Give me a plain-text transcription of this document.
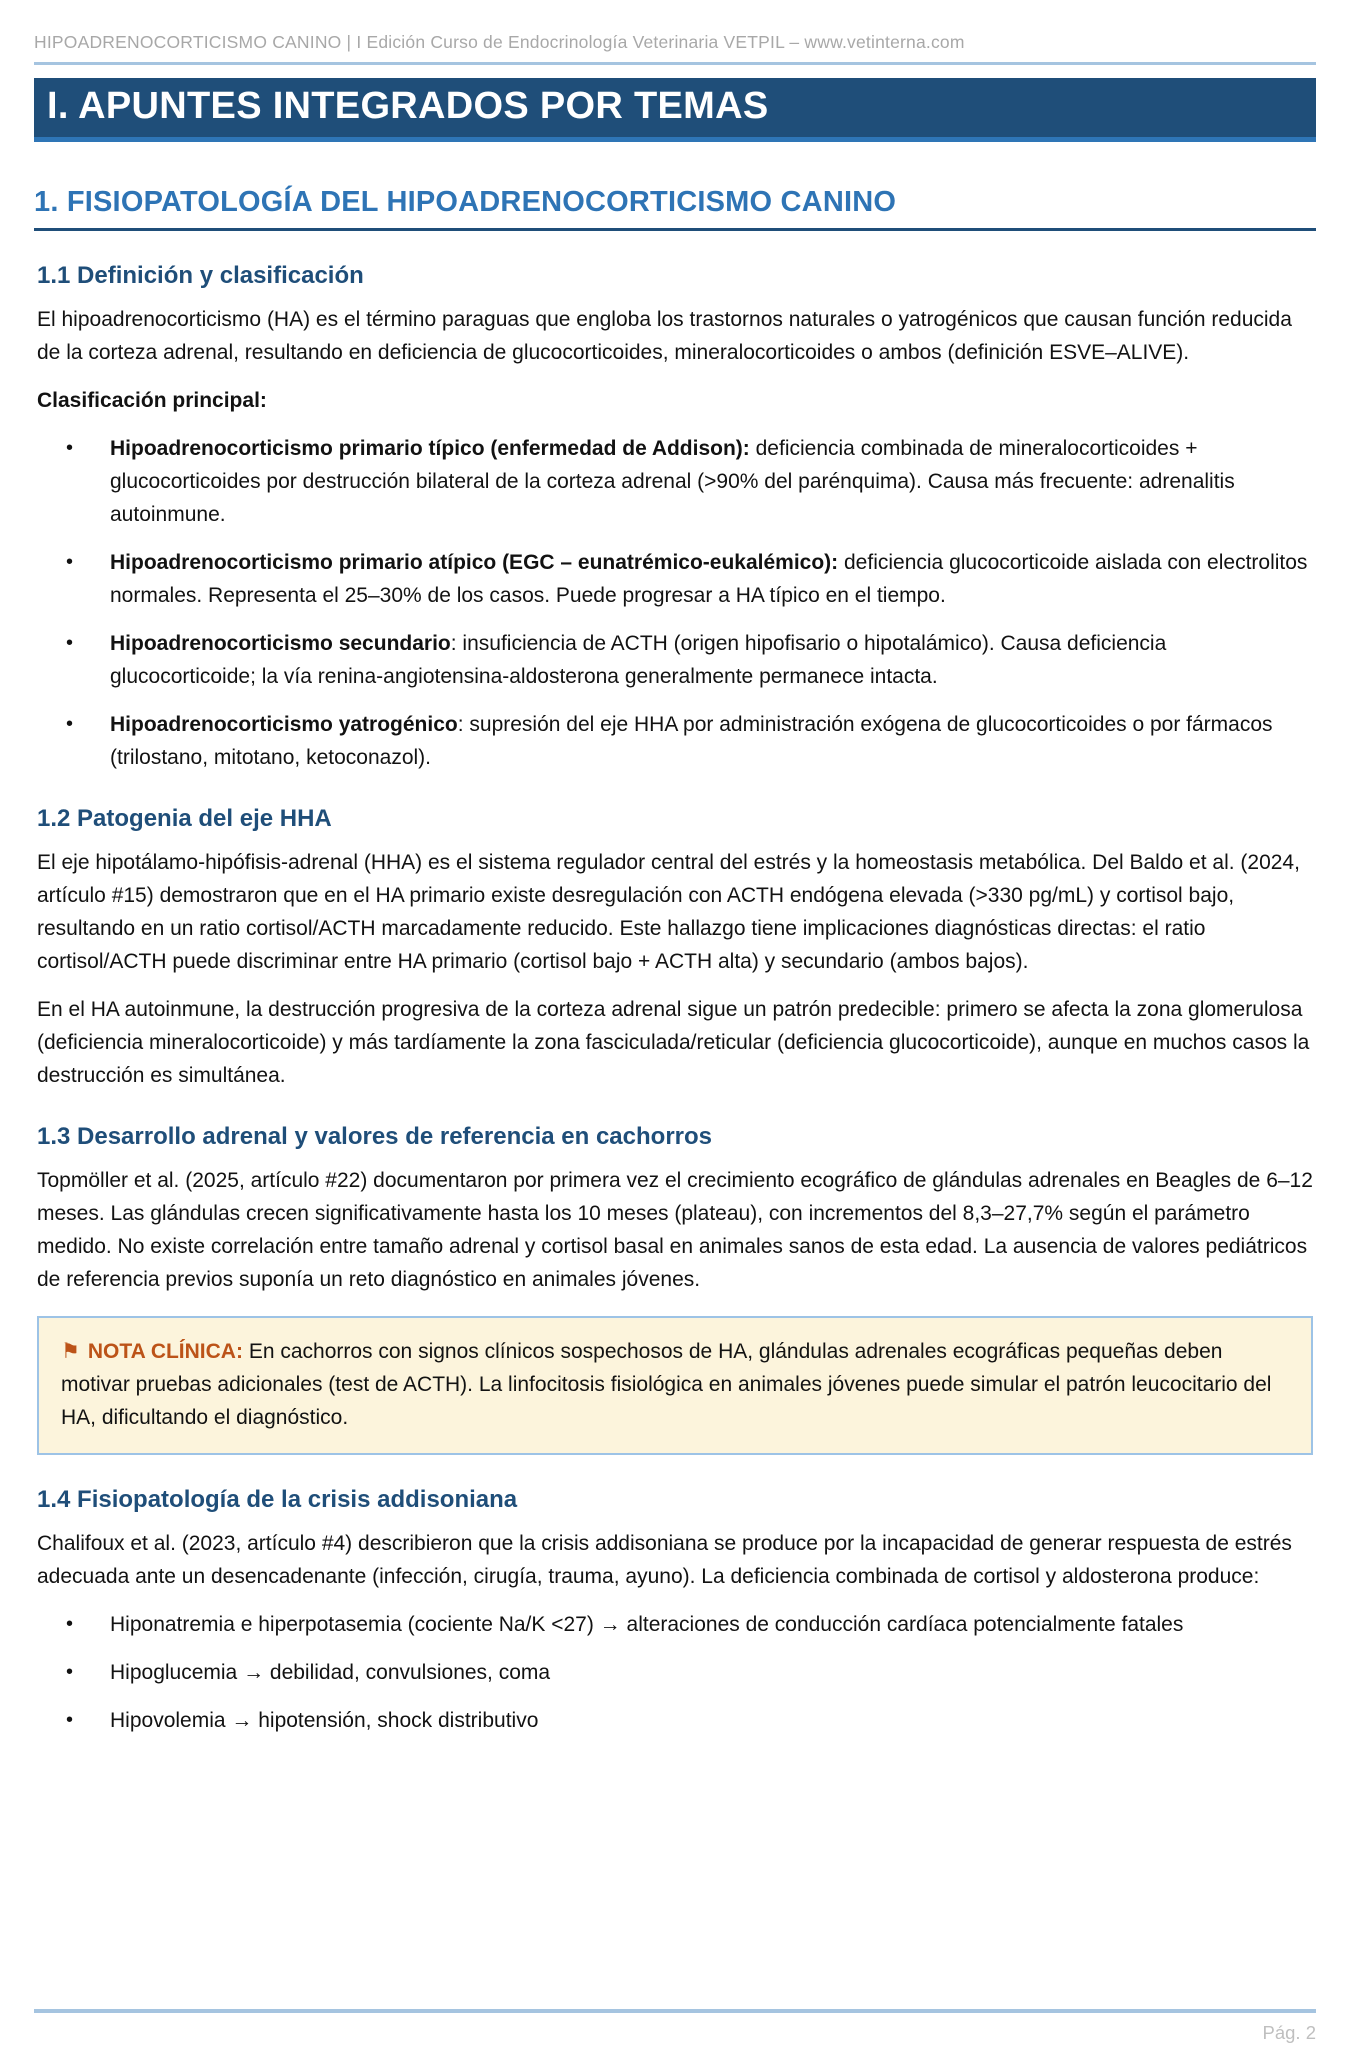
HIPOADRENOCORTICISMO CANINO | I Edición Curso de Endocrinología Veterinaria VETPIL – www.vetinterna.com
I. APUNTES INTEGRADOS POR TEMAS
1. FISIOPATOLOGÍA DEL HIPOADRENOCORTICISMO CANINO
1.1 Definición y clasificación

El hipoadrenocorticismo (HA) es el término paraguas que engloba los trastornos naturales o yatrogénicos que causan función reducida de la corteza adrenal, resultando en deficiencia de glucocorticoides, mineralocorticoides o ambos (definición ESVE–ALIVE).

Clasificación principal:

• Hipoadrenocorticismo primario típico (enfermedad de Addison): deficiencia combinada de mineralocorticoides + glucocorticoides por destrucción bilateral de la corteza adrenal (>90% del parénquima). Causa más frecuente: adrenalitis autoinmune.
• Hipoadrenocorticismo primario atípico (EGC – eunatrémico-eukalémico): deficiencia glucocorticoide aislada con electrolitos normales. Representa el 25–30% de los casos. Puede progresar a HA típico en el tiempo.
• Hipoadrenocorticismo secundario: insuficiencia de ACTH (origen hipofisario o hipotalámico). Causa deficiencia glucocorticoide; la vía renina-angiotensina-aldosterona generalmente permanece intacta.
• Hipoadrenocorticismo yatrogénico: supresión del eje HHA por administración exógena de glucocorticoides o por fármacos (trilostano, mitotano, ketoconazol).
1.2 Patogenia del eje HHA

El eje hipotálamo-hipófisis-adrenal (HHA) es el sistema regulador central del estrés y la homeostasis metabólica. Del Baldo et al. (2024, artículo #15) demostraron que en el HA primario existe desregulación con ACTH endógena elevada (>330 pg/mL) y cortisol bajo, resultando en un ratio cortisol/ACTH marcadamente reducido. Este hallazgo tiene implicaciones diagnósticas directas: el ratio cortisol/ACTH puede discriminar entre HA primario (cortisol bajo + ACTH alta) y secundario (ambos bajos).

En el HA autoinmune, la destrucción progresiva de la corteza adrenal sigue un patrón predecible: primero se afecta la zona glomerulosa (deficiencia mineralocorticoide) y más tardíamente la zona fasciculada/reticular (deficiencia glucocorticoide), aunque en muchos casos la destrucción es simultánea.

1.3 Desarrollo adrenal y valores de referencia en cachorros

Topmöller et al. (2025, artículo #22) documentaron por primera vez el crecimiento ecográfico de glándulas adrenales en Beagles de 6–12 meses. Las glándulas crecen significativamente hasta los 10 meses (plateau), con incrementos del 8,3–27,7% según el parámetro medido. No existe correlación entre tamaño adrenal y cortisol basal en animales sanos de esta edad. La ausencia de valores pediátricos de referencia previos suponía un reto diagnóstico en animales jóvenes.

⚑ NOTA CLÍNICA: En cachorros con signos clínicos sospechosos de HA, glándulas adrenales ecográficas pequeñas deben motivar pruebas adicionales (test de ACTH). La linfocitosis fisiológica en animales jóvenes puede simular el patrón leucocitario del HA, dificultando el diagnóstico.
1.4 Fisiopatología de la crisis addisoniana

Chalifoux et al. (2023, artículo #4) describieron que la crisis addisoniana se produce por la incapacidad de generar respuesta de estrés adecuada ante un desencadenante (infección, cirugía, trauma, ayuno). La deficiencia combinada de cortisol y aldosterona produce:

• Hiponatremia e hiperpotasemia (cociente Na/K <27) → alteraciones de conducción cardíaca potencialmente fatales
• Hipoglucemia → debilidad, convulsiones, coma
• Hipovolemia → hipotensión, shock distributivo
Pág. 2
